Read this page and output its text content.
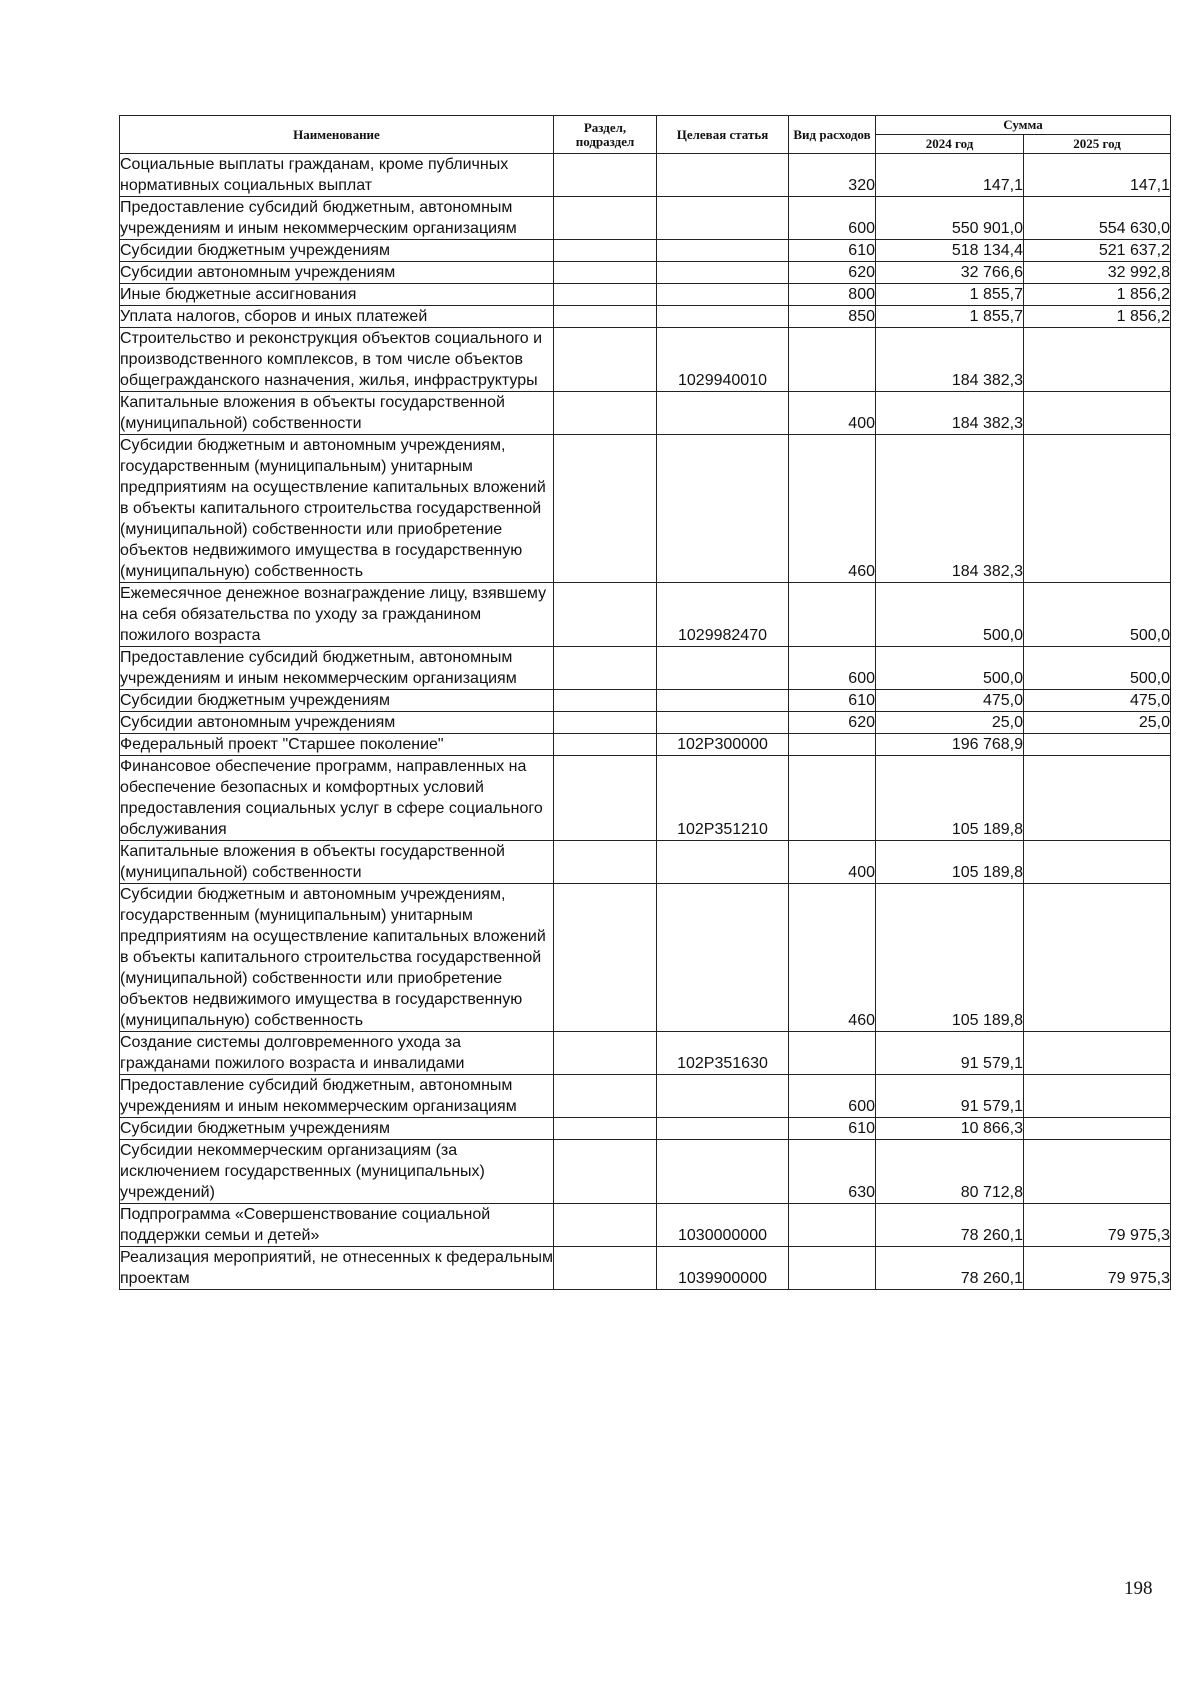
Наименование	Раздел, подраздел	Целевая статья	Вид расходов	Сумма	
				2024 год	2025 год
Социальные выплаты гражданам, кроме публичных нормативных социальных выплат			320	147,1	147,1
Предоставление субсидий бюджетным, автономным учреждениям и иным некоммерческим организациям			600	550 901,0	554 630,0
Субсидии бюджетным учреждениям			610	518 134,4	521 637,2
Субсидии автономным учреждениям			620	32 766,6	32 992,8
Иные бюджетные ассигнования			800	1 855,7	1 856,2
Уплата налогов, сборов и иных платежей			850	1 855,7	1 856,2
Строительство и реконструкция объектов социального и производственного комплексов, в том числе объектов общегражданского назначения, жилья, инфраструктуры		1029940010		184 382,3	
Капитальные вложения в объекты государственной (муниципальной) собственности			400	184 382,3	
Субсидии бюджетным и автономным учреждениям, государственным (муниципальным) унитарным предприятиям на осуществление капитальных вложений в объекты капитального строительства государственной (муниципальной) собственности или приобретение объектов недвижимого имущества в государственную (муниципальную) собственность			460	184 382,3	
Ежемесячное денежное вознаграждение лицу, взявшему на себя обязательства по уходу за гражданином пожилого возраста		1029982470		500,0	500,0
Предоставление субсидий бюджетным, автономным учреждениям и иным некоммерческим организациям			600	500,0	500,0
Субсидии бюджетным учреждениям			610	475,0	475,0
Субсидии автономным учреждениям			620	25,0	25,0
Федеральный проект "Старшее поколение"		102P300000		196 768,9	
Финансовое обеспечение программ, направленных на обеспечение безопасных и комфортных условий предоставления социальных услуг в сфере социального обслуживания		102P351210		105 189,8	
Капитальные вложения в объекты государственной (муниципальной) собственности			400	105 189,8	
Субсидии бюджетным и автономным учреждениям, государственным (муниципальным) унитарным предприятиям на осуществление капитальных вложений в объекты капитального строительства государственной (муниципальной) собственности или приобретение объектов недвижимого имущества в государственную (муниципальную) собственность			460	105 189,8	
Создание системы долговременного ухода за гражданами пожилого возраста и инвалидами		102P351630		91 579,1	
Предоставление субсидий бюджетным, автономным учреждениям и иным некоммерческим организациям			600	91 579,1	
Субсидии бюджетным учреждениям			610	10 866,3	
Субсидии некоммерческим организациям (за исключением государственных (муниципальных) учреждений)			630	80 712,8	
Подпрограмма «Совершенствование социальной поддержки семьи и детей»		1030000000		78 260,1	79 975,3
Реализация мероприятий, не отнесенных к федеральным проектам		1039900000		78 260,1	79 975,3
198
